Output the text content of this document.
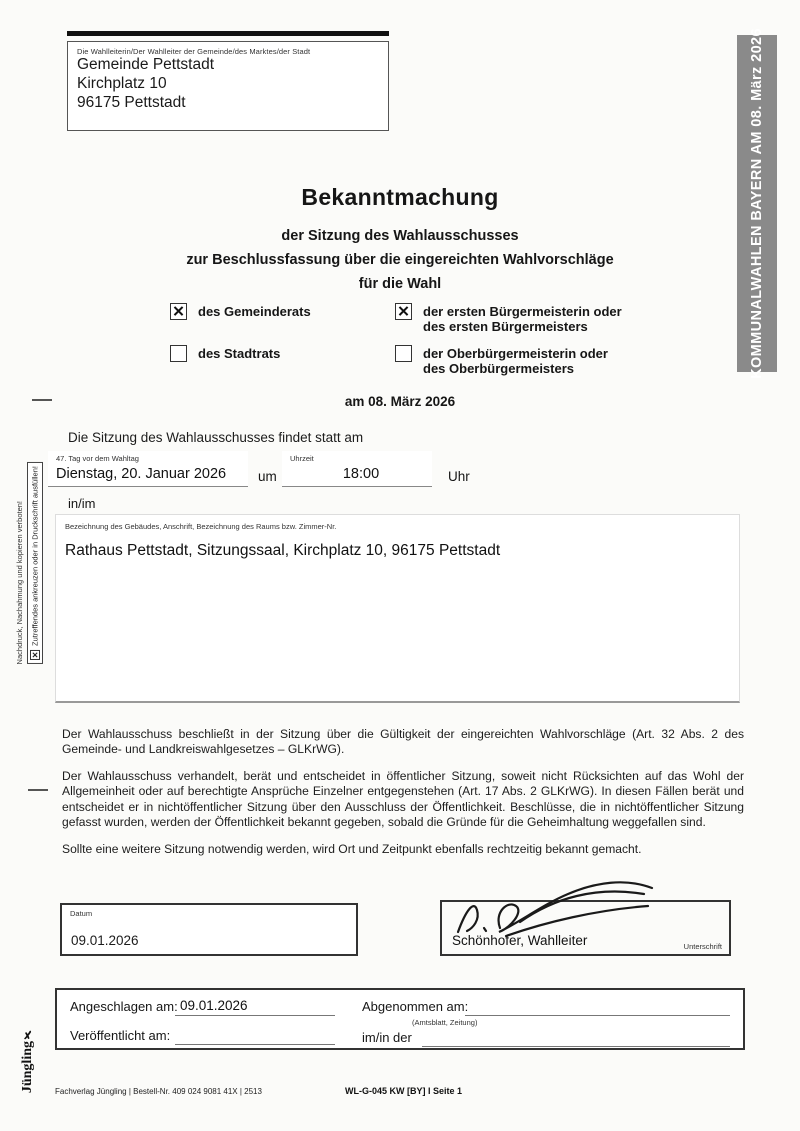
Die Wahlleiterin/Der Wahlleiter der Gemeinde/des Marktes/der Stadt
Gemeinde Pettstadt
Kirchplatz 10
96175 Pettstadt	KOMMUNALWAHLEN BAYERN AM 08. März 2026
Bekanntmachung
der Sitzung des Wahlausschusses
zur Beschlussfassung über die eingereichten Wahlvorschläge
für die Wahl
✕ des Gemeinderats	✕ der ersten Bürgermeisterin oder
des ersten Bürgermeisters
des Stadtrats	der Oberbürgermeisterin oder
des Oberbürgermeisters
am 08. März 2026
Nachdruck, Nachahmung und kopieren verboten! ✕
Zutreffendes ankreuzen oder in Druckschrift ausfüllen!
Die Sitzung des Wahlausschusses findet statt am
47. Tag vor dem Wahltag
Dienstag, 20. Januar 2026	um
Uhrzeit
18:00	Uhr
in/im
Bezeichnung des Gebäudes, Anschrift, Bezeichnung des Raums bzw. Zimmer-Nr.
Rathaus Pettstadt, Sitzungssaal, Kirchplatz 10, 96175 Pettstadt

Der Wahlausschuss beschließt in der Sitzung über die Gültigkeit der eingereichten Wahlvorschläge (Art. 32 Abs. 2 des Gemeinde- und Landkreiswahlgesetzes – GLKrWG).

Der Wahlausschuss verhandelt, berät und entscheidet in öffentlicher Sitzung, soweit nicht Rücksichten auf das Wohl der Allgemeinheit oder auf berechtigte Ansprüche Einzelner entgegenstehen (Art. 17 Abs. 2 GLKrWG). In diesen Fällen berät und entscheidet er in nichtöffentlicher Sitzung über den Ausschluss der Öffentlichkeit. Beschlüsse, die in nichtöffentlicher Sitzung gefasst wurden, werden der Öffentlichkeit bekannt gegeben, sobald die Gründe für die Geheimhaltung weggefallen sind.

Sollte eine weitere Sitzung notwendig werden, wird Ort und Zeitpunkt ebenfalls rechtzeitig bekannt gemacht.

Datum
09.01.2026	Schönhofer, Wahlleiter	Unterschrift
Angeschlagen am: 09.01.2026	Abgenommen am:
(Amtsblatt, Zeitung)
Veröffentlicht am:	im/in der
Jüngling✗
Fachverlag Jüngling | Bestell-Nr. 409 024 9081 41X | 2513	WL-G-045 KW [BY] I Seite 1
